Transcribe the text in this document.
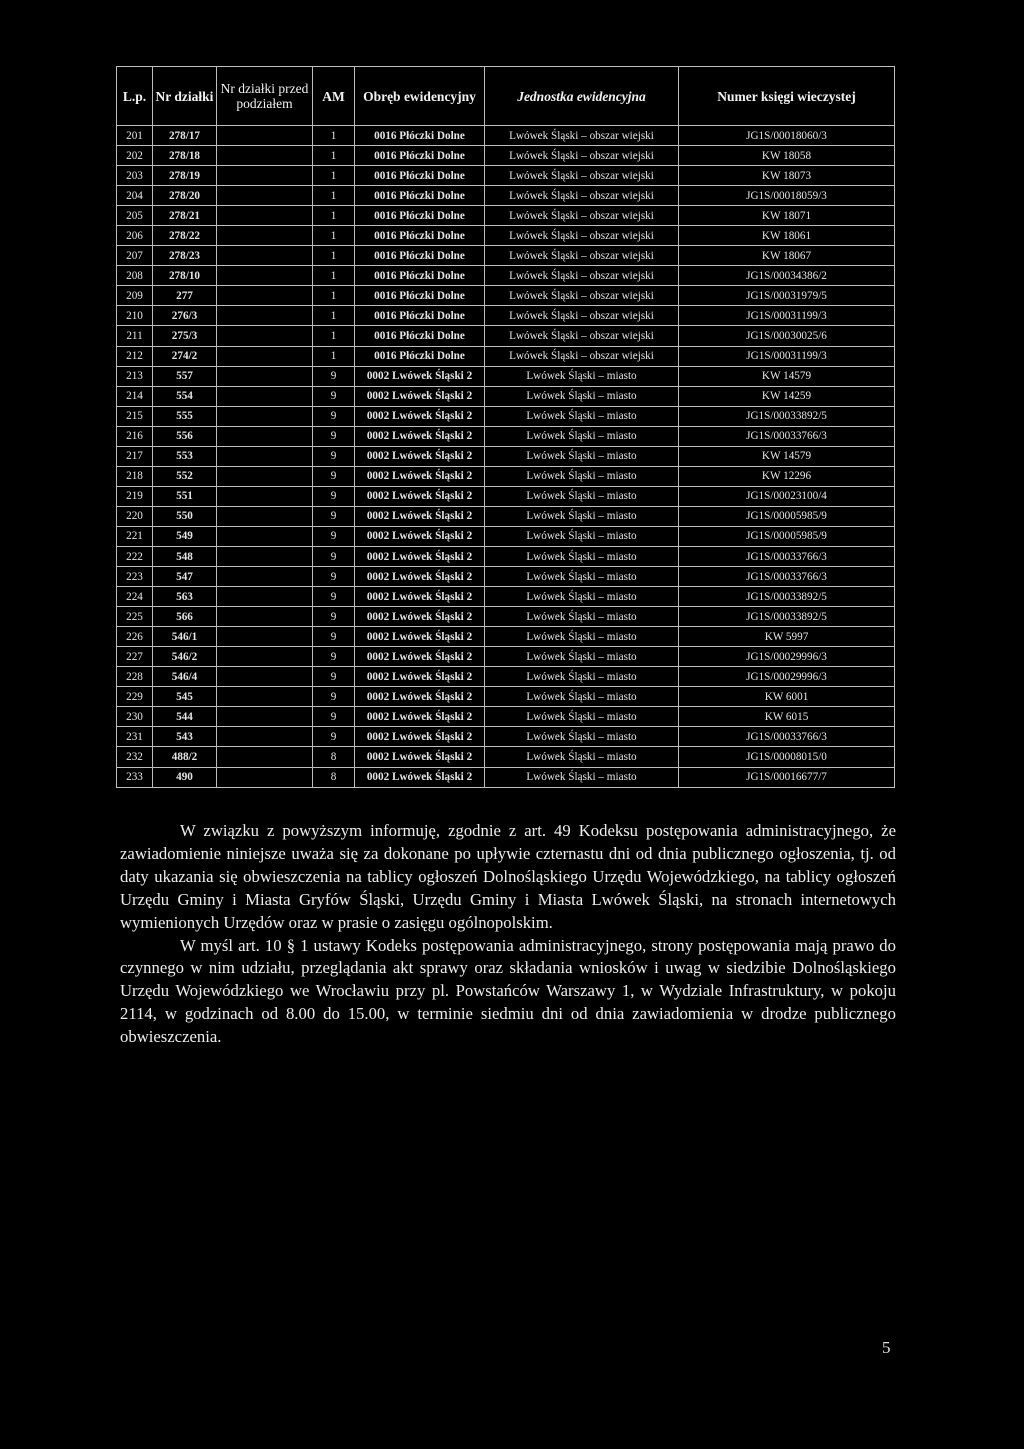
L.p.	Nr działki	Nr działki przed podziałem	AM	Obręb ewidencyjny	Jednostka ewidencyjna	Numer księgi wieczystej
201	278/17		1	0016 Płóczki Dolne	Lwówek Śląski – obszar wiejski	JG1S/00018060/3
202	278/18		1	0016 Płóczki Dolne	Lwówek Śląski – obszar wiejski	KW 18058
203	278/19		1	0016 Płóczki Dolne	Lwówek Śląski – obszar wiejski	KW 18073
204	278/20		1	0016 Płóczki Dolne	Lwówek Śląski – obszar wiejski	JG1S/00018059/3
205	278/21		1	0016 Płóczki Dolne	Lwówek Śląski – obszar wiejski	KW 18071
206	278/22		1	0016 Płóczki Dolne	Lwówek Śląski – obszar wiejski	KW 18061
207	278/23		1	0016 Płóczki Dolne	Lwówek Śląski – obszar wiejski	KW 18067
208	278/10		1	0016 Płóczki Dolne	Lwówek Śląski – obszar wiejski	JG1S/00034386/2
209	277		1	0016 Płóczki Dolne	Lwówek Śląski – obszar wiejski	JG1S/00031979/5
210	276/3		1	0016 Płóczki Dolne	Lwówek Śląski – obszar wiejski	JG1S/00031199/3
211	275/3		1	0016 Płóczki Dolne	Lwówek Śląski – obszar wiejski	JG1S/00030025/6
212	274/2		1	0016 Płóczki Dolne	Lwówek Śląski – obszar wiejski	JG1S/00031199/3
213	557		9	0002 Lwówek Śląski 2	Lwówek Śląski – miasto	KW 14579
214	554		9	0002 Lwówek Śląski 2	Lwówek Śląski – miasto	KW 14259
215	555		9	0002 Lwówek Śląski 2	Lwówek Śląski – miasto	JG1S/00033892/5
216	556		9	0002 Lwówek Śląski 2	Lwówek Śląski – miasto	JG1S/00033766/3
217	553		9	0002 Lwówek Śląski 2	Lwówek Śląski – miasto	KW 14579
218	552		9	0002 Lwówek Śląski 2	Lwówek Śląski – miasto	KW 12296
219	551		9	0002 Lwówek Śląski 2	Lwówek Śląski – miasto	JG1S/00023100/4
220	550		9	0002 Lwówek Śląski 2	Lwówek Śląski – miasto	JG1S/00005985/9
221	549		9	0002 Lwówek Śląski 2	Lwówek Śląski – miasto	JG1S/00005985/9
222	548		9	0002 Lwówek Śląski 2	Lwówek Śląski – miasto	JG1S/00033766/3
223	547		9	0002 Lwówek Śląski 2	Lwówek Śląski – miasto	JG1S/00033766/3
224	563		9	0002 Lwówek Śląski 2	Lwówek Śląski – miasto	JG1S/00033892/5
225	566		9	0002 Lwówek Śląski 2	Lwówek Śląski – miasto	JG1S/00033892/5
226	546/1		9	0002 Lwówek Śląski 2	Lwówek Śląski – miasto	KW 5997
227	546/2		9	0002 Lwówek Śląski 2	Lwówek Śląski – miasto	JG1S/00029996/3
228	546/4		9	0002 Lwówek Śląski 2	Lwówek Śląski – miasto	JG1S/00029996/3
229	545		9	0002 Lwówek Śląski 2	Lwówek Śląski – miasto	KW 6001
230	544		9	0002 Lwówek Śląski 2	Lwówek Śląski – miasto	KW 6015
231	543		9	0002 Lwówek Śląski 2	Lwówek Śląski – miasto	JG1S/00033766/3
232	488/2		8	0002 Lwówek Śląski 2	Lwówek Śląski – miasto	JG1S/00008015/0
233	490		8	0002 Lwówek Śląski 2	Lwówek Śląski – miasto	JG1S/00016677/7

W związku z powyższym informuję, zgodnie z art. 49 Kodeksu postępowania administracyjnego, że zawiadomienie niniejsze uważa się za dokonane po upływie czternastu dni od dnia publicznego ogłoszenia, tj. od daty ukazania się obwieszczenia na tablicy ogłoszeń Dolnośląskiego Urzędu Wojewódzkiego, na tablicy ogłoszeń Urzędu Gminy i Miasta Gryfów Śląski, Urzędu Gminy i Miasta Lwówek Śląski, na stronach internetowych wymienionych Urzędów oraz w prasie o zasięgu ogólnopolskim.

W myśl art. 10 § 1 ustawy Kodeks postępowania administracyjnego, strony postępowania mają prawo do czynnego w nim udziału, przeglądania akt sprawy oraz składania wniosków i uwag w siedzibie Dolnośląskiego Urzędu Wojewódzkiego we Wrocławiu przy pl. Powstańców Warszawy 1, w Wydziale Infrastruktury, w pokoju 2114, w godzinach od 8.00 do 15.00, w terminie siedmiu dni od dnia zawiadomienia w drodze publicznego obwieszczenia.

5
